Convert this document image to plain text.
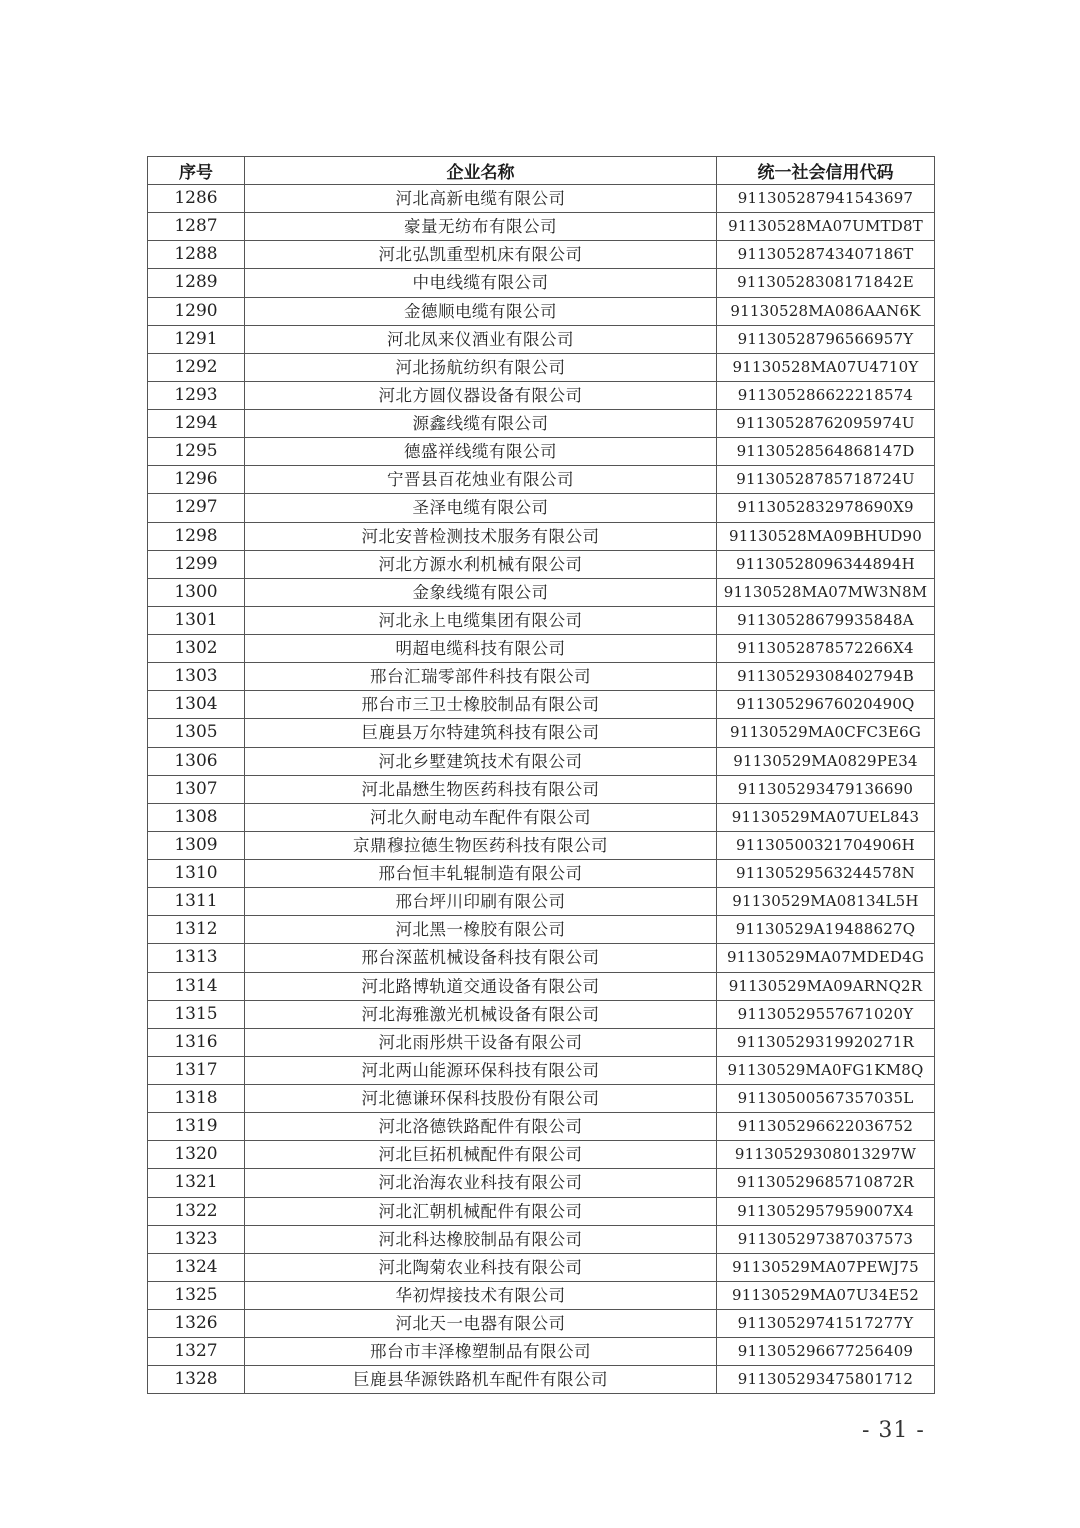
序号	企业名称	统一社会信用代码
1286	河北高新电缆有限公司	911305287941543697
1287	豪量无纺布有限公司	91130528MA07UMTD8T
1288	河北弘凯重型机床有限公司	91130528743407186T
1289	中电线缆有限公司	91130528308171842E
1290	金德顺电缆有限公司	91130528MA086AAN6K
1291	河北凤来仪酒业有限公司	91130528796566957Y
1292	河北扬航纺织有限公司	91130528MA07U4710Y
1293	河北方圆仪器设备有限公司	911305286622218574
1294	源鑫线缆有限公司	91130528762095974U
1295	德盛祥线缆有限公司	91130528564868147D
1296	宁晋县百花烛业有限公司	91130528785718724U
1297	圣泽电缆有限公司	9113052832978690X9
1298	河北安普检测技术服务有限公司	91130528MA09BHUD90
1299	河北方源水利机械有限公司	91130528096344894H
1300	金象线缆有限公司	91130528MA07MW3N8M
1301	河北永上电缆集团有限公司	91130528679935848A
1302	明超电缆科技有限公司	9113052878572266X4
1303	邢台汇瑞零部件科技有限公司	91130529308402794B
1304	邢台市三卫士橡胶制品有限公司	91130529676020490Q
1305	巨鹿县万尔特建筑科技有限公司	91130529MA0CFC3E6G
1306	河北乡墅建筑技术有限公司	91130529MA0829PE34
1307	河北晶懋生物医药科技有限公司	911305293479136690
1308	河北久耐电动车配件有限公司	91130529MA07UEL843
1309	京鼎穆拉德生物医药科技有限公司	91130500321704906H
1310	邢台恒丰轧辊制造有限公司	91130529563244578N
1311	邢台坪川印刷有限公司	91130529MA08134L5H
1312	河北黑一橡胶有限公司	91130529A19488627Q
1313	邢台深蓝机械设备科技有限公司	91130529MA07MDED4G
1314	河北路博轨道交通设备有限公司	91130529MA09ARNQ2R
1315	河北海雅激光机械设备有限公司	91130529557671020Y
1316	河北雨彤烘干设备有限公司	91130529319920271R
1317	河北两山能源环保科技有限公司	91130529MA0FG1KM8Q
1318	河北德谦环保科技股份有限公司	91130500567357035L
1319	河北洛德铁路配件有限公司	911305296622036752
1320	河北巨拓机械配件有限公司	91130529308013297W
1321	河北治海农业科技有限公司	91130529685710872R
1322	河北汇朝机械配件有限公司	9113052957959007X4
1323	河北科达橡胶制品有限公司	911305297387037573
1324	河北陶菊农业科技有限公司	91130529MA07PEWJ75
1325	华初焊接技术有限公司	91130529MA07U34E52
1326	河北天一电器有限公司	91130529741517277Y
1327	邢台市丰泽橡塑制品有限公司	911305296677256409
1328	巨鹿县华源铁路机车配件有限公司	911305293475801712
- 31 -
